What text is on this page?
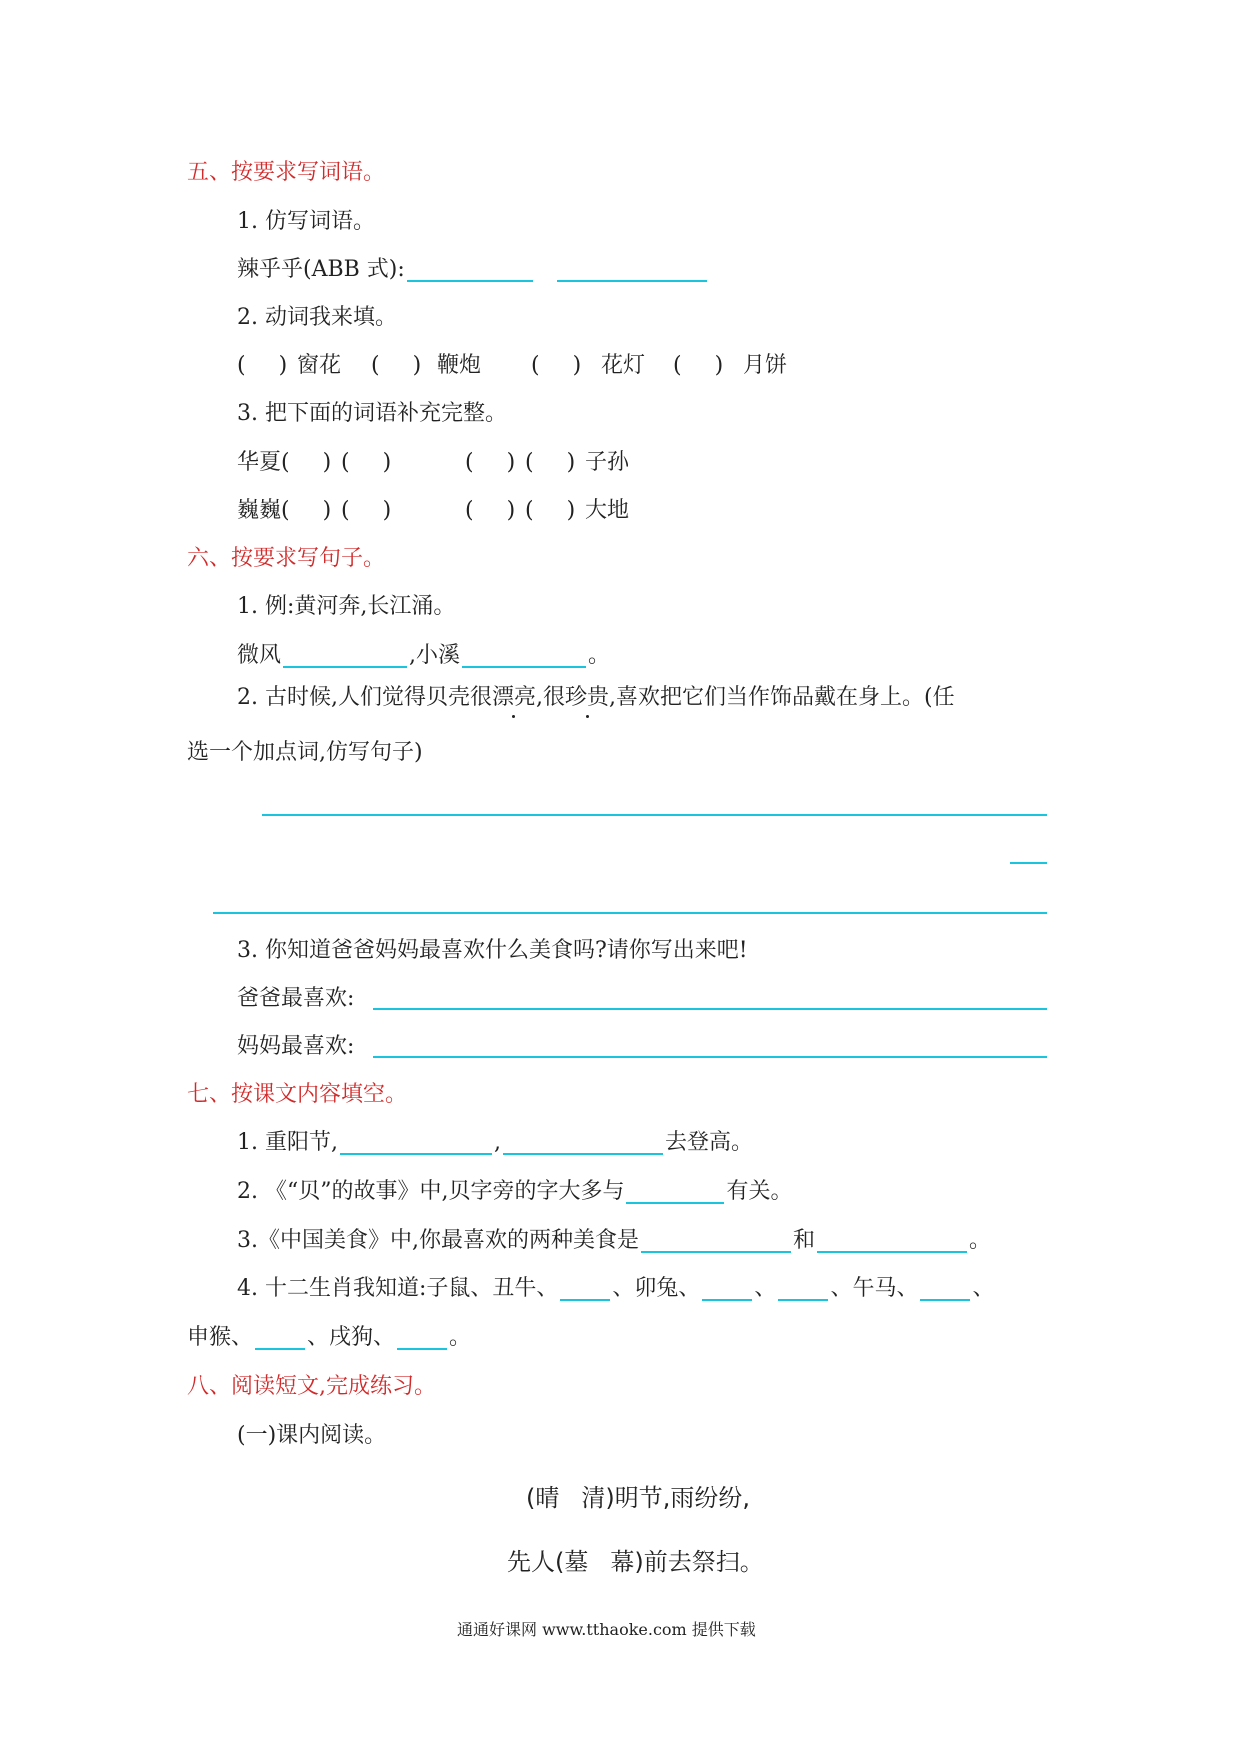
五、按要求写词语。
1. 仿写词语。
辣乎乎(ABB 式):
2. 动词我来填。
(   ) 窗花 (   ) 鞭炮 (   ) 花灯 (   ) 月饼
3. 把下面的词语补充完整。
华夏(   ) (   )	(   ) (   ) 子孙
巍巍(   ) (   )	(   ) (   ) 大地
六、按要求写句子。
1. 例:黄河奔,长江涌。
微风	,小溪	。
2. 古时候,人们觉得贝壳很漂亮,很珍贵,喜欢把它们当作饰品戴在身上。(任
选一个加点词,仿写句子)
3. 你知道爸爸妈妈最喜欢什么美食吗?请你写出来吧!
爸爸最喜欢:
妈妈最喜欢:
七、按课文内容填空。
1. 重阳节,	,	去登高。
2. 《“贝”的故事》中,贝字旁的字大多与	有关。
3.《中国美食》中,你最喜欢的两种美食是	和	。
4. 十二生肖我知道:子鼠、丑牛、 、卯兔、 、 、午马、 、
申猴、 、戌狗、 。
八、阅读短文,完成练习。
(一)课内阅读。
(晴 清)明节,雨纷纷,
先人(墓 幕)前去祭扫。
通通好课网 www.tthaoke.com 提供下载
